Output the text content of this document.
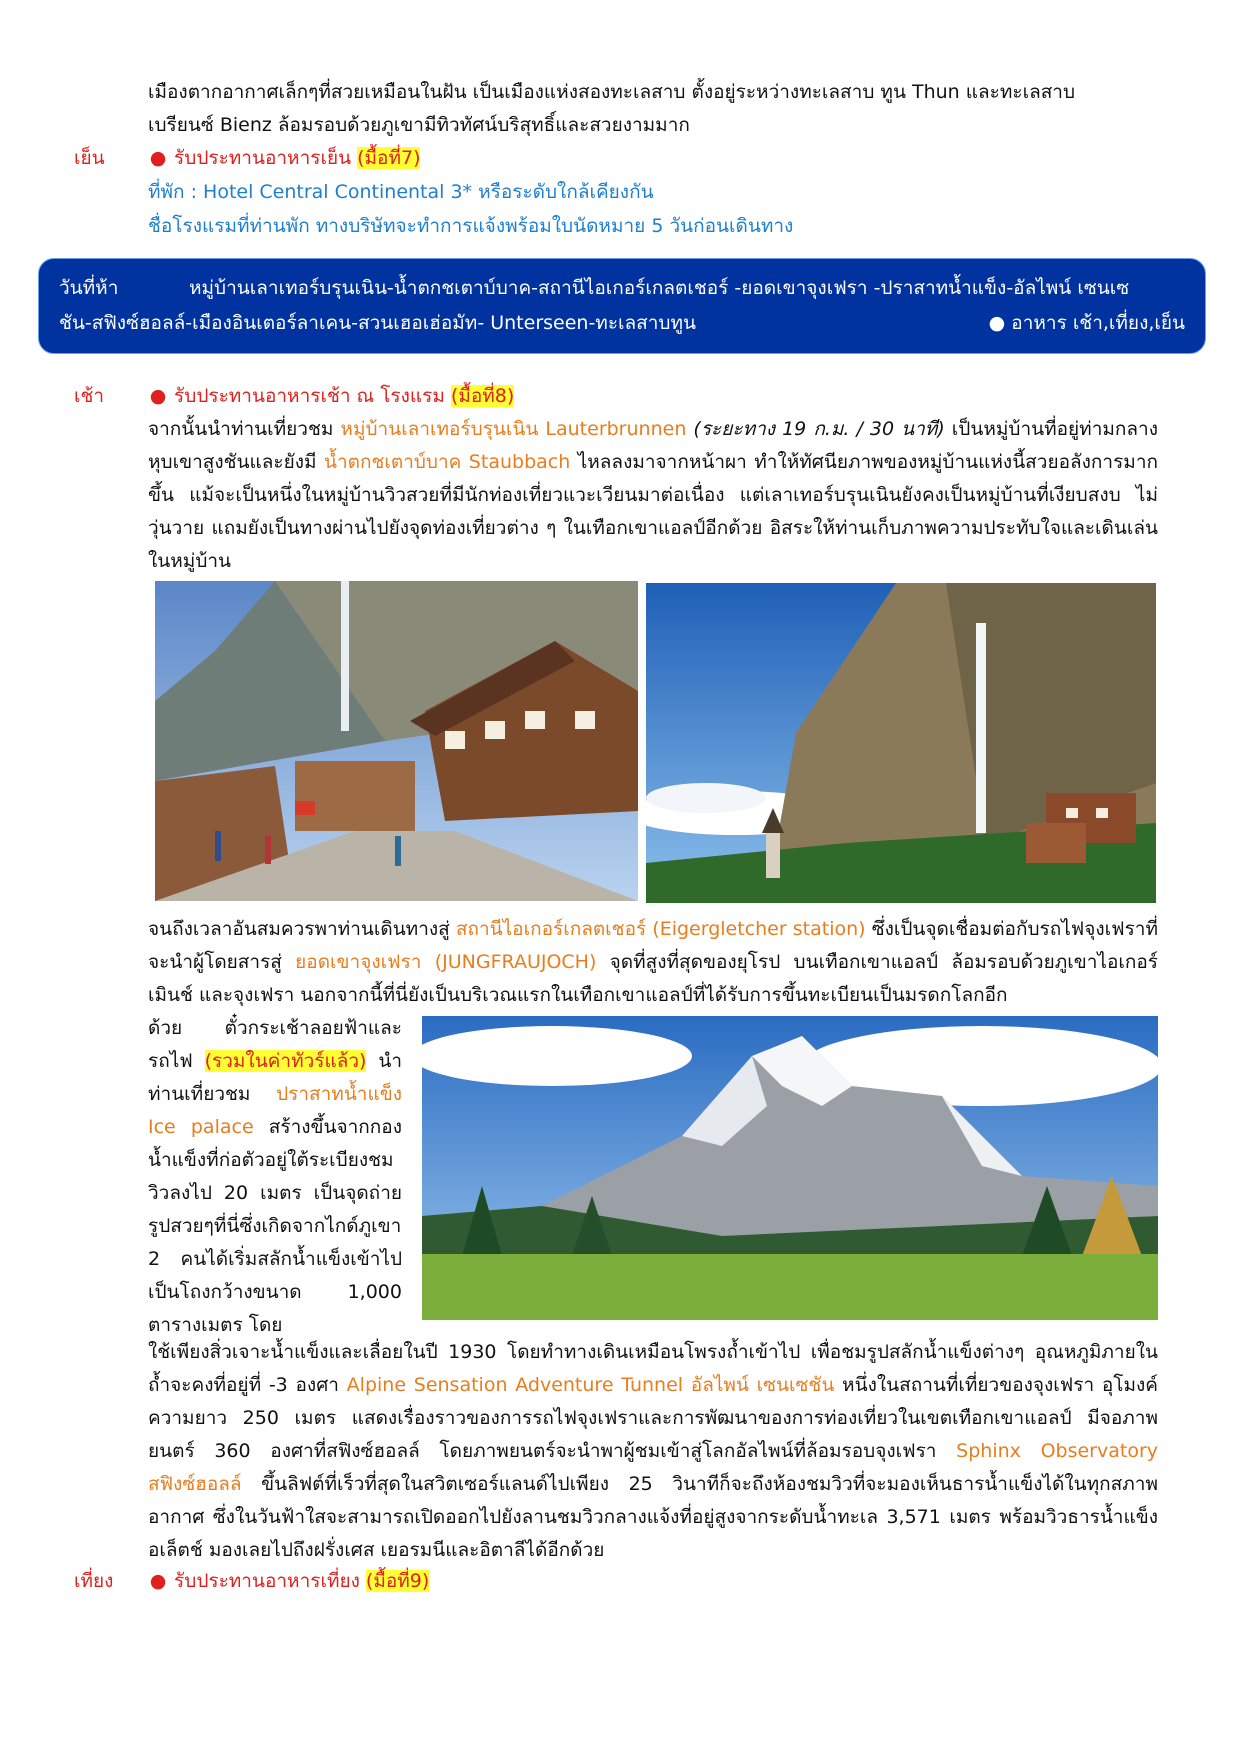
เมืองตากอากาศเล็กๆที่สวยเหมือนในฝัน เป็นเมืองแห่งสองทะเลสาบ ตั้งอยู่ระหว่างทะเลสาบ ทูน Thun และทะเลสาบ
เบรียนซ์ Bienz ล้อมรอบด้วยภูเขามีทิวทัศน์บริสุทธิ์และสวยงามมาก
เย็น ● รับประทานอาหารเย็น (มื้อที่7)
ที่พัก : Hotel Central Continental 3* หรือระดับใกล้เคียงกัน
ชื่อโรงแรมที่ท่านพัก ทางบริษัทจะทำการแจ้งพร้อมใบนัดหมาย 5 วันก่อนเดินทาง
วันที่ห้า	หมู่บ้านเลาเทอร์บรุนเนิน-น้ำตกชเตาบ์บาค-สถานีไอเกอร์เกลตเชอร์ -ยอดเขาจุงเฟรา -ปราสาทน้ำแข็ง-อัลไพน์ เซนเซ
ชัน-สฟิงซ์ฮอลล์-เมืองอินเตอร์ลาเคน-สวนเฮอเฮ่อมัท- Unterseen-ทะเลสาบทูน	● อาหาร เช้า,เที่ยง,เย็น
เช้า ● รับประทานอาหารเช้า ณ โรงแรม (มื้อที่8)
จากนั้นนำท่านเที่ยวชม หมู่บ้านเลาเทอร์บรุนเนิน Lauterbrunnen (ระยะทาง 19 ก.ม. / 30 นาที) เป็นหมู่บ้านที่อยู่ท่ามกลางหุบเขาสูงชันและยังมี น้ำตกชเตาบ์บาค Staubbach ไหลลงมาจากหน้าผา ทำให้ทัศนียภาพของหมู่บ้านแห่งนี้สวยอลังการมากขึ้น แม้จะเป็นหนึ่งในหมู่บ้านวิวสวยที่มีนักท่องเที่ยวแวะเวียนมาต่อเนื่อง แต่เลาเทอร์บรุนเนินยังคงเป็นหมู่บ้านที่เงียบสงบ ไม่วุ่นวาย แถมยังเป็นทางผ่านไปยังจุดท่องเที่ยวต่าง ๆ ในเทือกเขาแอลป์อีกด้วย อิสระให้ท่านเก็บภาพความประทับใจและเดินเล่นในหมู่บ้าน
จนถึงเวลาอันสมควรพาท่านเดินทางสู่ สถานีไอเกอร์เกลตเชอร์ (Eigergletcher station) ซึ่งเป็นจุดเชื่อมต่อกับรถไฟจุงเฟราที่จะนำผู้โดยสารสู่ ยอดเขาจุงเฟรา (JUNGFRAUJOCH) จุดที่สูงที่สุดของยุโรป บนเทือกเขาแอลป์ ล้อมรอบด้วยภูเขาไอเกอร์ เมินช์ และจุงเฟรา นอกจากนี้ที่นี่ยังเป็นบริเวณแรกในเทือกเขาแอลป์ที่ได้รับการขึ้นทะเบียนเป็นมรดกโลกอีก
ด้วย ตั๋วกระเช้าลอยฟ้าและรถไฟ (รวมในค่าทัวร์แล้ว) นำท่านเที่ยวชม ปราสาทน้ำแข็ง Ice palace สร้างขึ้นจากกองน้ำแข็งที่ก่อตัวอยู่ใต้ระเบียงชมวิวลงไป 20 เมตร เป็นจุดถ่ายรูปสวยๆที่นี่ซึ่งเกิดจากไกด์ภูเขา 2 คนได้เริ่มสลักน้ำแข็งเข้าไปเป็นโถงกว้างขนาด 1,000 ตารางเมตร โดย
ใช้เพียงสิ่วเจาะน้ำแข็งและเลื่อยในปี 1930 โดยทำทางเดินเหมือนโพรงถ้ำเข้าไป เพื่อชมรูปสลักน้ำแข็งต่างๆ อุณหภูมิภายในถ้ำจะคงที่อยู่ที่ -3 องศา Alpine Sensation Adventure Tunnel อัลไพน์ เซนเซชัน หนึ่งในสถานที่เที่ยวของจุงเฟรา อุโมงค์ความยาว 250 เมตร แสดงเรื่องราวของการรถไฟจุงเฟราและการพัฒนาของการท่องเที่ยวในเขตเทือกเขาแอลป์ มีจอภาพยนตร์ 360 องศาที่สฟิงซ์ฮอลล์ โดยภาพยนตร์จะนำพาผู้ชมเข้าสู่โลกอัลไพน์ที่ล้อมรอบจุงเฟรา Sphinx Observatory สฟิงซ์ฮอลล์ ขึ้นลิฟต์ที่เร็วที่สุดในสวิตเซอร์แลนด์ไปเพียง 25 วินาทีก็จะถึงห้องชมวิวที่จะมองเห็นธารน้ำแข็งได้ในทุกสภาพอากาศ ซึ่งในวันฟ้าใสจะสามารถเปิดออกไปยังลานชมวิวกลางแจ้งที่อยู่สูงจากระดับน้ำทะเล 3,571 เมตร พร้อมวิวธารน้ำแข็งอเล็ตช์ มองเลยไปถึงฝรั่งเศส เยอรมนีและอิตาลีได้อีกด้วย
เที่ยง ● รับประทานอาหารเที่ยง (มื้อที่9)
